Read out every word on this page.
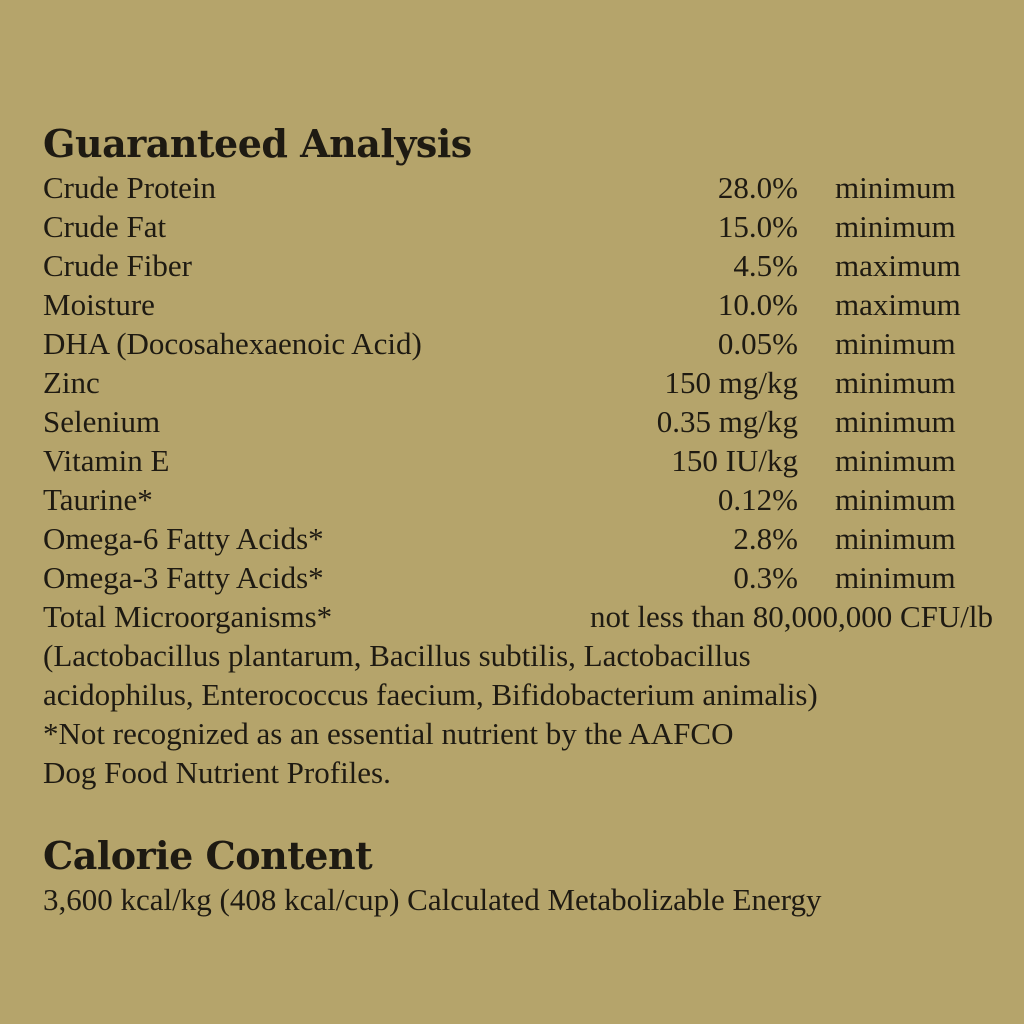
Guaranteed Analysis
Crude Protein	28.0% minimum
Crude Fat	15.0% minimum
Crude Fiber	4.5% maximum
Moisture	10.0% maximum
DHA (Docosahexaenoic Acid)	0.05% minimum
Zinc	150 mg/kg minimum
Selenium	0.35 mg/kg minimum
Vitamin E	150 IU/kg minimum
Taurine*	0.12% minimum
Omega-6 Fatty Acids*	2.8% minimum
Omega-3 Fatty Acids*	0.3% minimum
Total Microorganisms*	not less than 80,000,000 CFU/lb

(Lactobacillus plantarum, Bacillus subtilis, Lactobacillus

acidophilus, Enterococcus faecium, Bifidobacterium animalis)

*Not recognized as an essential nutrient by the AAFCO

Dog Food Nutrient Profiles.

Calorie Content

3,600 kcal/kg (408 kcal/cup) Calculated Metabolizable Energy
